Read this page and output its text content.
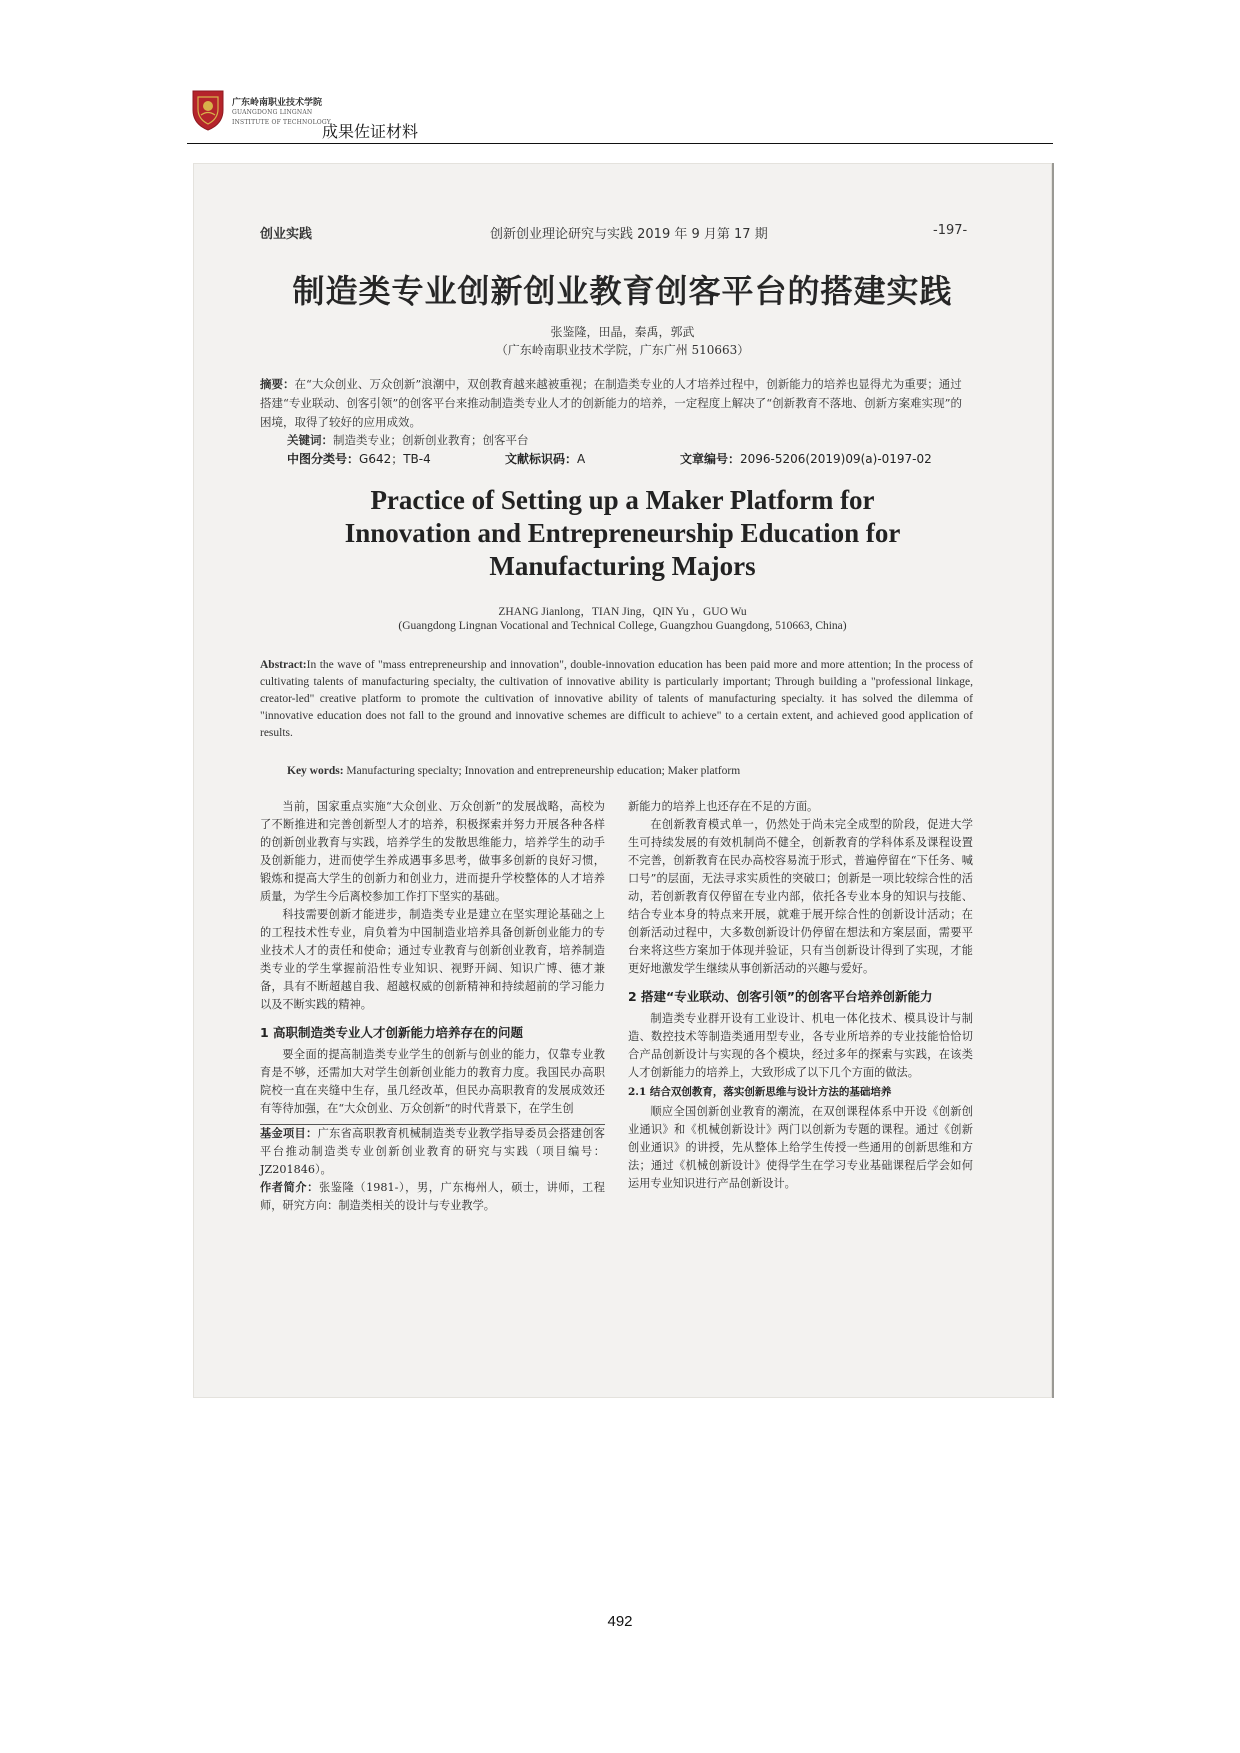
广东岭南职业技术学院
GUANGDONG LINGNAN
INSTITUTE OF TECHNOLOGY
成果佐证材料
创业实践	创新创业理论研究与实践 2019 年 9 月第 17 期	-197-
制造类专业创新创业教育创客平台的搭建实践
张鉴隆，田晶，秦禹，郭武
（广东岭南职业技术学院，广东广州 510663）
摘要：在“大众创业、万众创新”浪潮中，双创教育越来越被重视；在制造类专业的人才培养过程中，创新能力的培养也显得尤为重要；通过搭建“专业联动、创客引领”的创客平台来推动制造类专业人才的创新能力的培养，一定程度上解决了“创新教育不落地、创新方案难实现”的困境，取得了较好的应用成效。
关键词：制造类专业；创新创业教育；创客平台
中图分类号：G642；TB-4	文献标识码：A	文章编号：2096-5206(2019)09(a)-0197-02
Practice of Setting up a Maker Platform for
Innovation and Entrepreneurship Education for
Manufacturing Majors
ZHANG Jianlong，TIAN Jing，QIN Yu ，GUO Wu
(Guangdong Lingnan Vocational and Technical College, Guangzhou Guangdong, 510663, China)
Abstract:In the wave of "mass entrepreneurship and innovation", double-innovation education has been paid more and more attention; In the process of cultivating talents of manufacturing specialty, the cultivation of innovative ability is particularly important; Through building a "professional linkage, creator-led" creative platform to promote the cultivation of innovative ability of talents of manufacturing specialty. it has solved the dilemma of "innovative education does not fall to the ground and innovative schemes are difficult to achieve" to a certain extent, and achieved good application of results.
Key words: Manufacturing specialty; Innovation and entrepreneurship education; Maker platform

当前，国家重点实施“大众创业、万众创新”的发展战略，高校为了不断推进和完善创新型人才的培养，积极探索并努力开展各种各样的创新创业教育与实践，培养学生的发散思维能力，培养学生的动手及创新能力，进而使学生养成遇事多思考，做事多创新的良好习惯，锻炼和提高大学生的创新力和创业力，进而提升学校整体的人才培养质量，为学生今后离校参加工作打下坚实的基础。

科技需要创新才能进步，制造类专业是建立在坚实理论基础之上的工程技术性专业，肩负着为中国制造业培养具备创新创业能力的专业技术人才的责任和使命；通过专业教育与创新创业教育，培养制造类专业的学生掌握前沿性专业知识、视野开阔、知识广博、德才兼备，具有不断超越自我、超越权威的创新精神和持续超前的学习能力以及不断实践的精神。

1 高职制造类专业人才创新能力培养存在的问题

要全面的提高制造类专业学生的创新与创业的能力，仅靠专业教育是不够，还需加大对学生创新创业能力的教育力度。我国民办高职院校一直在夹缝中生存，虽几经改革，但民办高职教育的发展成效还有等待加强，在“大众创业、万众创新”的时代背景下，在学生创

基金项目：广东省高职教育机械制造类专业教学指导委员会搭建创客平台推动制造类专业创新创业教育的研究与实践（项目编号：JZ201846）。

作者简介：张鉴隆（1981-），男，广东梅州人，硕士，讲师，工程师，研究方向：制造类相关的设计与专业教学。

新能力的培养上也还存在不足的方面。

在创新教育模式单一，仍然处于尚未完全成型的阶段，促进大学生可持续发展的有效机制尚不健全，创新教育的学科体系及课程设置不完善，创新教育在民办高校容易流于形式，普遍停留在“下任务、喊口号”的层面，无法寻求实质性的突破口；创新是一项比较综合性的活动，若创新教育仅停留在专业内部，依托各专业本身的知识与技能、结合专业本身的特点来开展，就难于展开综合性的创新设计活动；在创新活动过程中，大多数创新设计仍停留在想法和方案层面，需要平台来将这些方案加于体现并验证，只有当创新设计得到了实现，才能更好地激发学生继续从事创新活动的兴趣与爱好。

2 搭建“专业联动、创客引领”的创客平台培养创新能力

制造类专业群开设有工业设计、机电一体化技术、模具设计与制造、数控技术等制造类通用型专业，各专业所培养的专业技能恰恰切合产品创新设计与实现的各个模块，经过多年的探索与实践，在该类人才创新能力的培养上，大致形成了以下几个方面的做法。

2.1 结合双创教育，落实创新思维与设计方法的基础培养

顺应全国创新创业教育的潮流，在双创课程体系中开设《创新创业通识》和《机械创新设计》两门以创新为专题的课程。通过《创新创业通识》的讲授，先从整体上给学生传授一些通用的创新思维和方法；通过《机械创新设计》使得学生在学习专业基础课程后学会如何运用专业知识进行产品创新设计。

492
